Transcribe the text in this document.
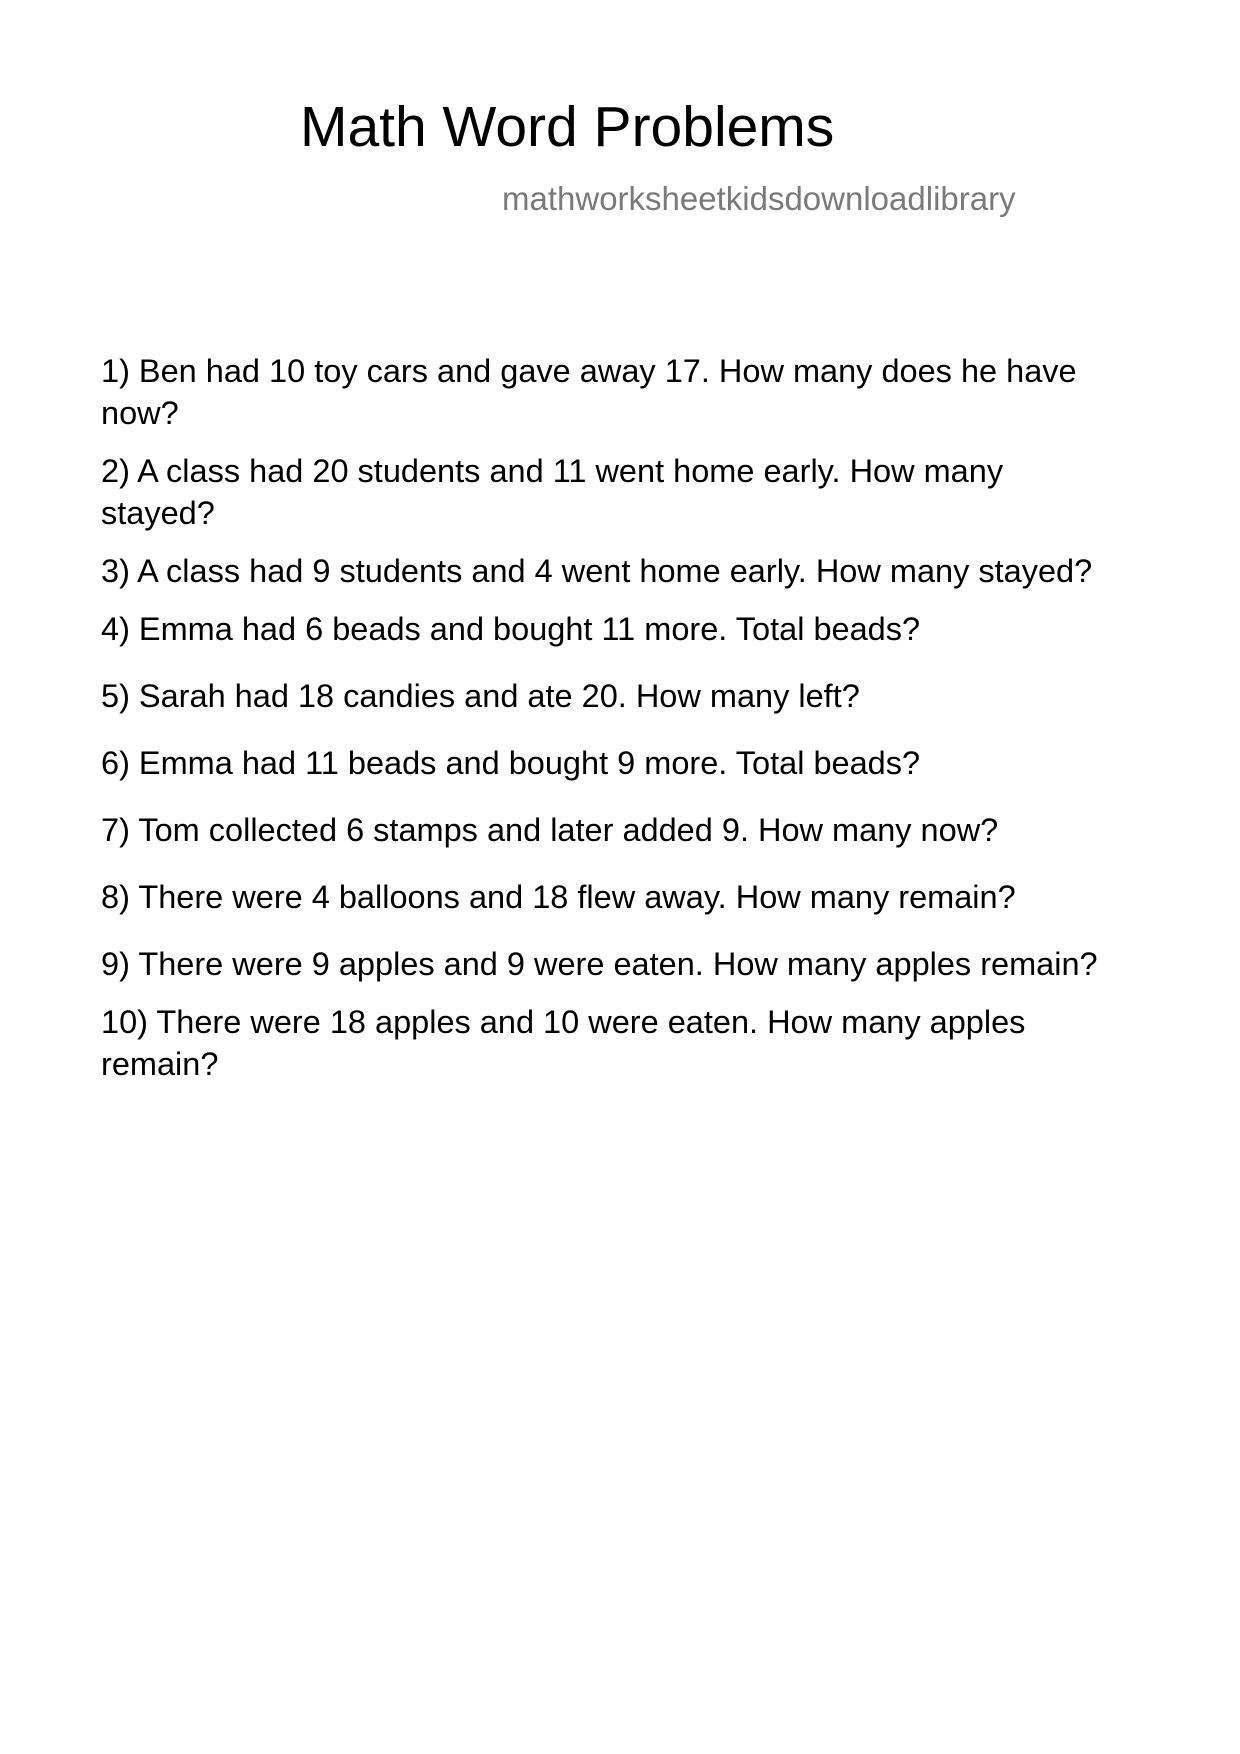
Math Word Problems
mathworksheetkidsdownloadlibrary
1) Ben had 10 toy cars and gave away 17. How many does he have now?
2) A class had 20 students and 11 went home early. How many stayed?
3) A class had 9 students and 4 went home early. How many stayed?
4) Emma had 6 beads and bought 11 more. Total beads?
5) Sarah had 18 candies and ate 20. How many left?
6) Emma had 11 beads and bought 9 more. Total beads?
7) Tom collected 6 stamps and later added 9. How many now?
8) There were 4 balloons and 18 flew away. How many remain?
9) There were 9 apples and 9 were eaten. How many apples remain?
10) There were 18 apples and 10 were eaten. How many apples remain?
